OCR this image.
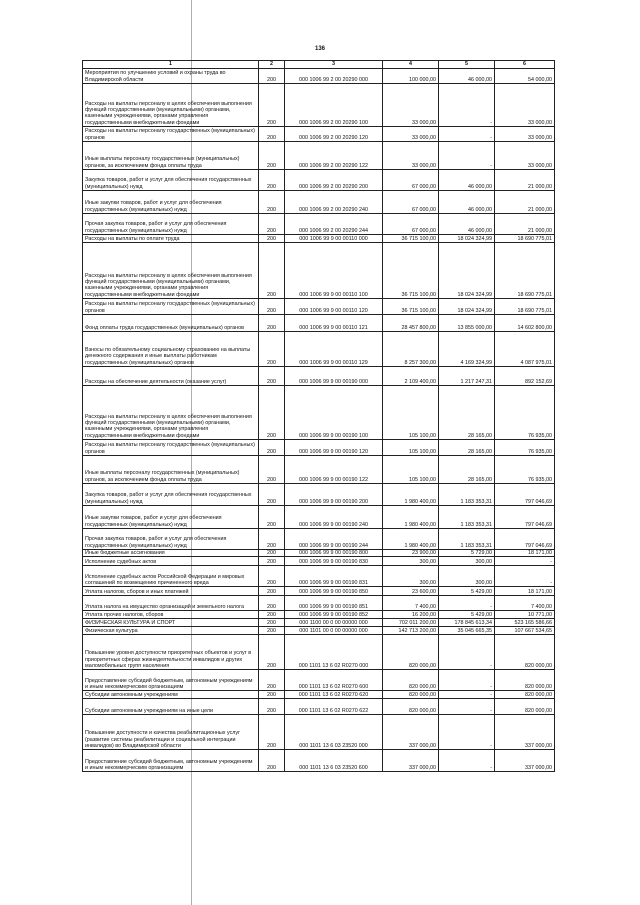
136
1	2	3	4	5	6
Мероприятия по улучшению условий и охраны труда во Владимирской области	200	000 1006 99 2 00 20290 000	100 000,00	46 000,00	54 000,00
Расходы на выплаты персоналу в целях обеспечения выполнения функций государственными (муниципальными) органами, казенными учреждениями, органами управления государственными внебюджетными фондами	200	000 1006 99 2 00 20290 100	33 000,00	-	33 000,00
Расходы на выплаты персоналу государственных (муниципальных) органов	200	000 1006 99 2 00 20290 120	33 000,00	-	33 000,00
Иные выплаты персоналу государственных (муниципальных) органов, за исключением фонда оплаты труда	200	000 1006 99 2 00 20290 122	33 000,00	-	33 000,00
Закупка товаров, работ и услуг для обеспечения государственных (муниципальных) нужд	200	000 1006 99 2 00 20290 200	67 000,00	46 000,00	21 000,00
Иные закупки товаров, работ и услуг для обеспечения государственных (муниципальных) нужд	200	000 1006 99 2 00 20290 240	67 000,00	46 000,00	21 000,00
Прочая закупка товаров, работ и услуг для обеспечения государственных (муниципальных) нужд	200	000 1006 99 2 00 20290 244	67 000,00	46 000,00	21 000,00
Расходы на выплаты по оплате труда	200	000 1006 99 9 00 00110 000	36 715 100,00	18 024 324,99	18 690 775,01
Расходы на выплаты персоналу в целях обеспечения выполнения функций государственными (муниципальными) органами, казенными учреждениями, органами управления государственными внебюджетными фондами	200	000 1006 99 9 00 00110 100	36 715 100,00	18 024 324,99	18 690 775,01
Расходы на выплаты персоналу государственных (муниципальных) органов	200	000 1006 99 9 00 00110 120	36 715 100,00	18 024 324,99	18 690 775,01
Фонд оплаты труда государственных (муниципальных) органов	200	000 1006 99 9 00 00110 121	28 457 800,00	13 855 000,00	14 602 800,00
Взносы по обязательному социальному страхованию на выплаты денежного содержания и иные выплаты работникам государственных (муниципальных) органов	200	000 1006 99 9 00 00110 129	8 257 300,00	4 169 324,99	4 087 975,01
Расходы на обеспечение деятельности (оказание услуг)	200	000 1006 99 9 00 00190 000	2 109 400,00	1 217 247,31	892 152,69
Расходы на выплаты персоналу в целях обеспечения выполнения функций государственными (муниципальными) органами, казенными учреждениями, органами управления государственными внебюджетными фондами	200	000 1006 99 9 00 00190 100	105 100,00	28 165,00	76 935,00
Расходы на выплаты персоналу государственных (муниципальных) органов	200	000 1006 99 9 00 00190 120	105 100,00	28 165,00	76 935,00
Иные выплаты персоналу государственных (муниципальных) органов, за исключением фонда оплаты труда	200	000 1006 99 9 00 00190 122	105 100,00	28 165,00	76 935,00
Закупка товаров, работ и услуг для обеспечения государственных (муниципальных) нужд	200	000 1006 99 9 00 00190 200	1 980 400,00	1 183 353,31	797 046,69
Иные закупки товаров, работ и услуг для обеспечения государственных (муниципальных) нужд	200	000 1006 99 9 00 00190 240	1 980 400,00	1 183 353,31	797 046,69
Прочая закупка товаров, работ и услуг для обеспечения государственных (муниципальных) нужд	200	000 1006 99 9 00 00190 244	1 980 400,00	1 183 353,31	797 046,69
Иные бюджетные ассигнования	200	000 1006 99 9 00 00190 800	23 900,00	5 729,00	18 171,00
Исполнение судебных актов	200	000 1006 99 9 00 00190 830	300,00	300,00	-
Исполнение судебных актов Российской Федерации и мировых соглашений по возмещению причиненного вреда	200	000 1006 99 9 00 00190 831	300,00	300,00	-
Уплата налогов, сборов и иных платежей	200	000 1006 99 9 00 00190 850	23 600,00	5 429,00	18 171,00
Уплата налога на имущество организаций и земельного налога	200	000 1006 99 9 00 00190 851	7 400,00	-	7 400,00
Уплата прочих налогов, сборов	200	000 1006 99 9 00 00190 852	16 200,00	5 429,00	10 771,00
ФИЗИЧЕСКАЯ КУЛЬТУРА И СПОРТ	200	000 1100 00 0 00 00000 000	702 011 200,00	178 845 613,34	523 165 586,66
Физическая культура	200	000 1101 00 0 00 00000 000	142 713 200,00	35 045 665,35	107 667 534,65
Повышение уровня доступности приоритетных объектов и услуг в приоритетных сферах жизнедеятельности инвалидов и других маломобильных групп населения	200	000 1101 13 6 02 R0270 000	820 000,00	-	820 000,00
Предоставление субсидий бюджетным, автономным учреждениям и иным некоммерческим организациям	200	000 1101 13 6 02 R0270 600	820 000,00	-	820 000,00
Субсидии автономным учреждениям	200	000 1101 13 6 02 R0270 620	820 000,00	-	820 000,00
Субсидии автономным учреждениям на иные цели	200	000 1101 13 6 02 R0270 622	820 000,00	-	820 000,00
Повышение доступности и качества реабилитационных услуг (развитие системы реабилитации и социальной интеграции инвалидов) во Владимирской области	200	000 1101 13 6 03 23520 000	337 000,00	-	337 000,00
Предоставление субсидий бюджетным, автономным учреждениям и иным некоммерческим организациям	200	000 1101 13 6 03 23520 600	337 000,00	-	337 000,00
